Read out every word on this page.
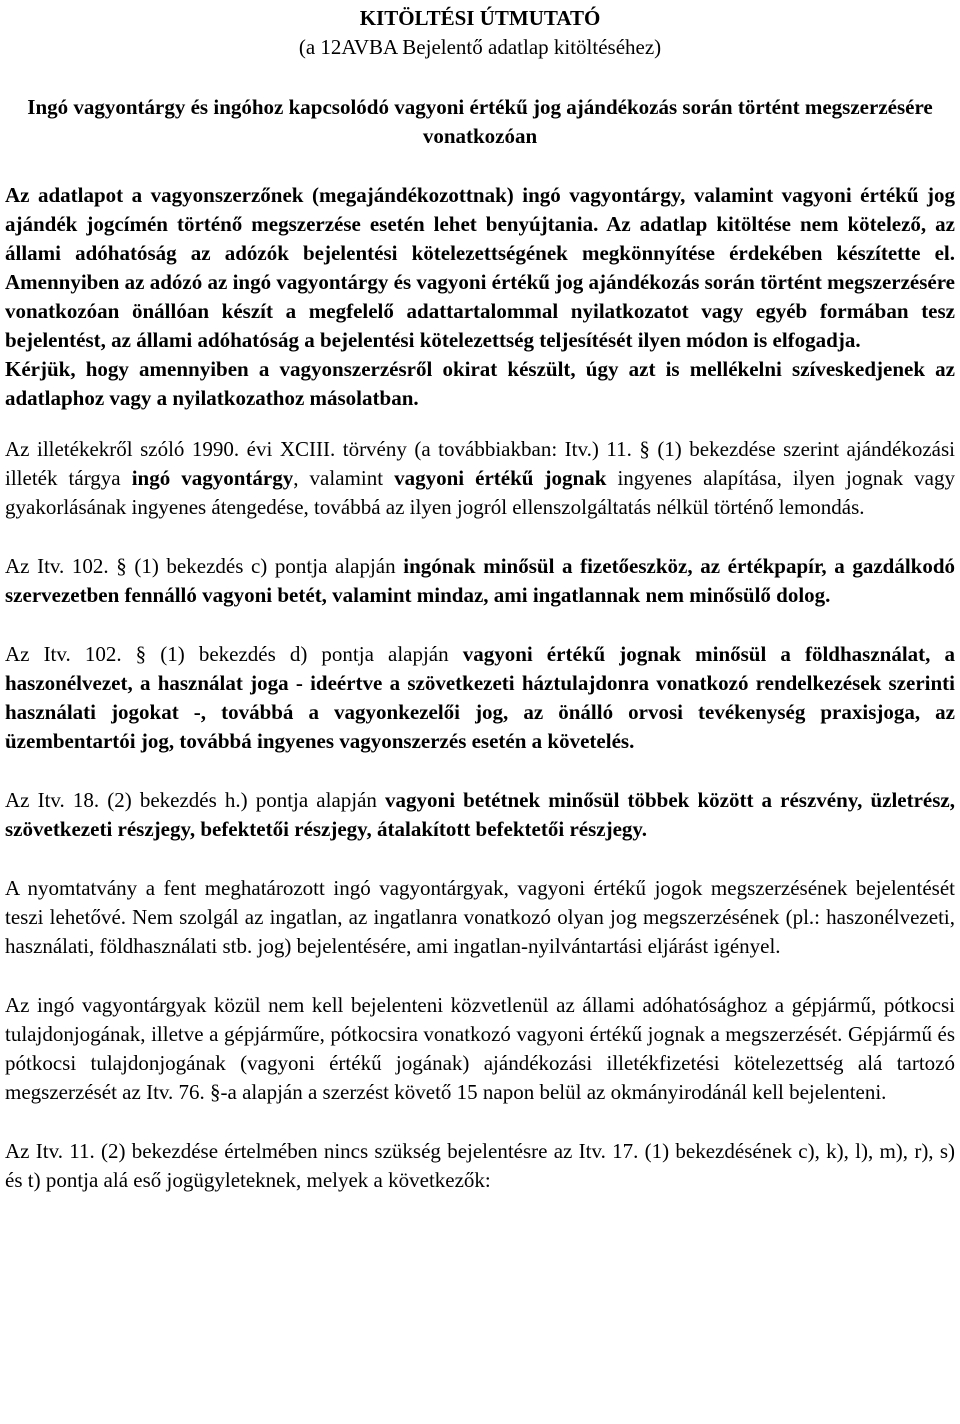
KITÖLTÉSI ÚTMUTATÓ
(a 12AVBA Bejelentő adatlap kitöltéséhez)
Ingó vagyontárgy és ingóhoz kapcsolódó vagyoni értékű jog ajándékozás során történt megszerzésére vonatkozóan

Az adatlapot a vagyonszerzőnek (megajándékozottnak) ingó vagyontárgy, valamint vagyoni értékű jog ajándék jogcímén történő megszerzése esetén lehet benyújtania. Az adatlap kitöltése nem kötelező, az állami adóhatóság az adózók bejelentési kötelezettségének megkönnyítése érdekében készítette el. Amennyiben az adózó az ingó vagyontárgy és vagyoni értékű jog ajándékozás során történt megszerzésére vonatkozóan önállóan készít a megfelelő adattartalommal nyilatkozatot vagy egyéb formában tesz bejelentést, az állami adóhatóság a bejelentési kötelezettség teljesítését ilyen módon is elfogadja.

Kérjük, hogy amennyiben a vagyonszerzésről okirat készült, úgy azt is mellékelni szíveskedjenek az adatlaphoz vagy a nyilatkozathoz másolatban.

Az illetékekről szóló 1990. évi XCIII. törvény (a továbbiakban: Itv.) 11. § (1) bekezdése szerint ajándékozási illeték tárgya ingó vagyontárgy, valamint vagyoni értékű jognak ingyenes alapítása, ilyen jognak vagy gyakorlásának ingyenes átengedése, továbbá az ilyen jogról ellenszolgáltatás nélkül történő lemondás.

Az Itv. 102. § (1) bekezdés c) pontja alapján ingónak minősül a fizetőeszköz, az értékpapír, a gazdálkodó szervezetben fennálló vagyoni betét, valamint mindaz, ami ingatlannak nem minősülő dolog.

Az Itv. 102. § (1) bekezdés d) pontja alapján vagyoni értékű jognak minősül a földhasználat, a haszonélvezet, a használat joga - ideértve a szövetkezeti háztulajdonra vonatkozó rendelkezések szerinti használati jogokat -, továbbá a vagyonkezelői jog, az önálló orvosi tevékenység praxisjoga, az üzembentartói jog, továbbá ingyenes vagyonszerzés esetén a követelés.

Az Itv. 18. (2) bekezdés h.) pontja alapján vagyoni betétnek minősül többek között a részvény, üzletrész, szövetkezeti részjegy, befektetői részjegy, átalakított befektetői részjegy.

A nyomtatvány a fent meghatározott ingó vagyontárgyak, vagyoni értékű jogok megszerzésének bejelentését teszi lehetővé. Nem szolgál az ingatlan, az ingatlanra vonatkozó olyan jog megszerzésének (pl.: haszonélvezeti, használati, földhasználati stb. jog) bejelentésére, ami ingatlan-nyilvántartási eljárást igényel.

Az ingó vagyontárgyak közül nem kell bejelenteni közvetlenül az állami adóhatósághoz a gépjármű, pótkocsi tulajdonjogának, illetve a gépjárműre, pótkocsira vonatkozó vagyoni értékű jognak a megszerzését. Gépjármű és pótkocsi tulajdonjogának (vagyoni értékű jogának) ajándékozási illetékfizetési kötelezettség alá tartozó megszerzését az Itv. 76. §-a alapján a szerzést követő 15 napon belül az okmányirodánál kell bejelenteni.

Az Itv. 11. (2) bekezdése értelmében nincs szükség bejelentésre az Itv. 17. (1) bekezdésének c), k), l), m), r), s) és t) pontja alá eső jogügyleteknek, melyek a következők:
